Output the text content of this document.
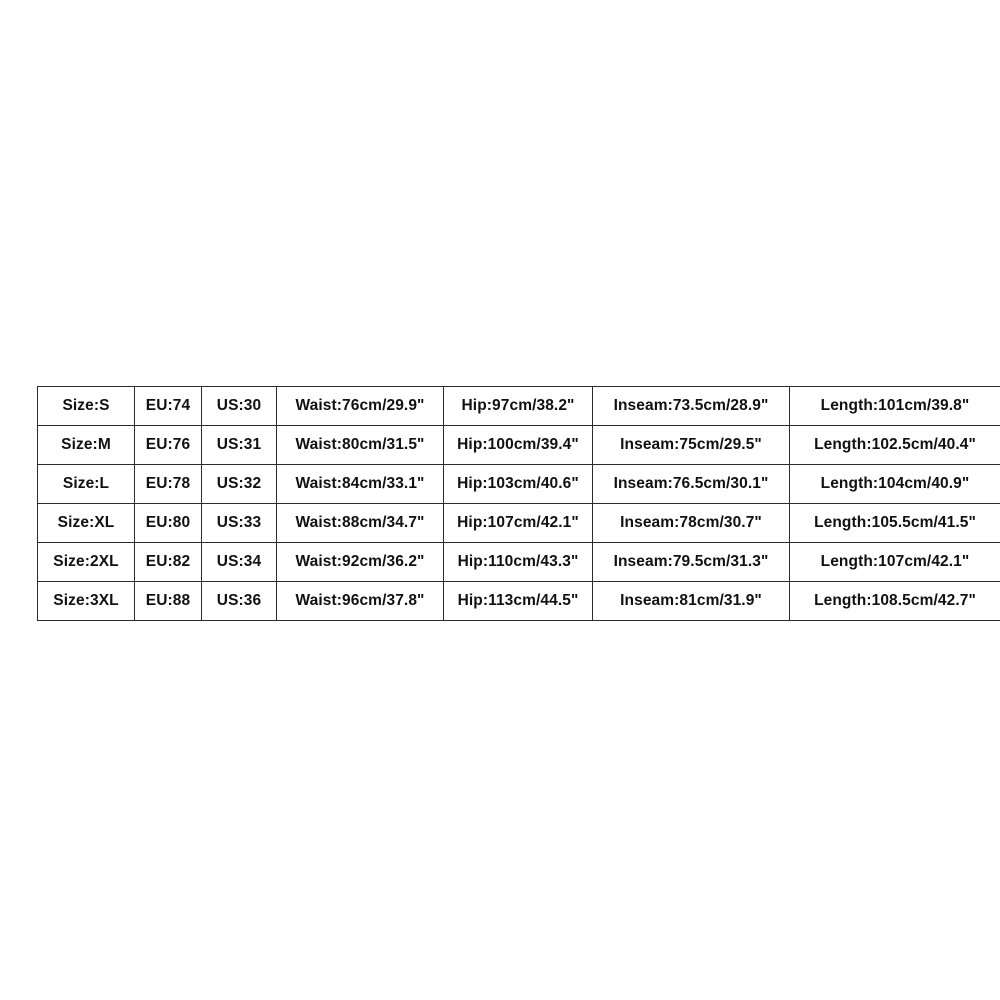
Size:S	EU:74	US:30	Waist:76cm/29.9"	Hip:97cm/38.2"	Inseam:73.5cm/28.9"	Length:101cm/39.8"
Size:M	EU:76	US:31	Waist:80cm/31.5"	Hip:100cm/39.4"	Inseam:75cm/29.5"	Length:102.5cm/40.4"
Size:L	EU:78	US:32	Waist:84cm/33.1"	Hip:103cm/40.6"	Inseam:76.5cm/30.1"	Length:104cm/40.9"
Size:XL	EU:80	US:33	Waist:88cm/34.7"	Hip:107cm/42.1"	Inseam:78cm/30.7"	Length:105.5cm/41.5"
Size:2XL	EU:82	US:34	Waist:92cm/36.2"	Hip:110cm/43.3"	Inseam:79.5cm/31.3"	Length:107cm/42.1"
Size:3XL	EU:88	US:36	Waist:96cm/37.8"	Hip:113cm/44.5"	Inseam:81cm/31.9"	Length:108.5cm/42.7"
